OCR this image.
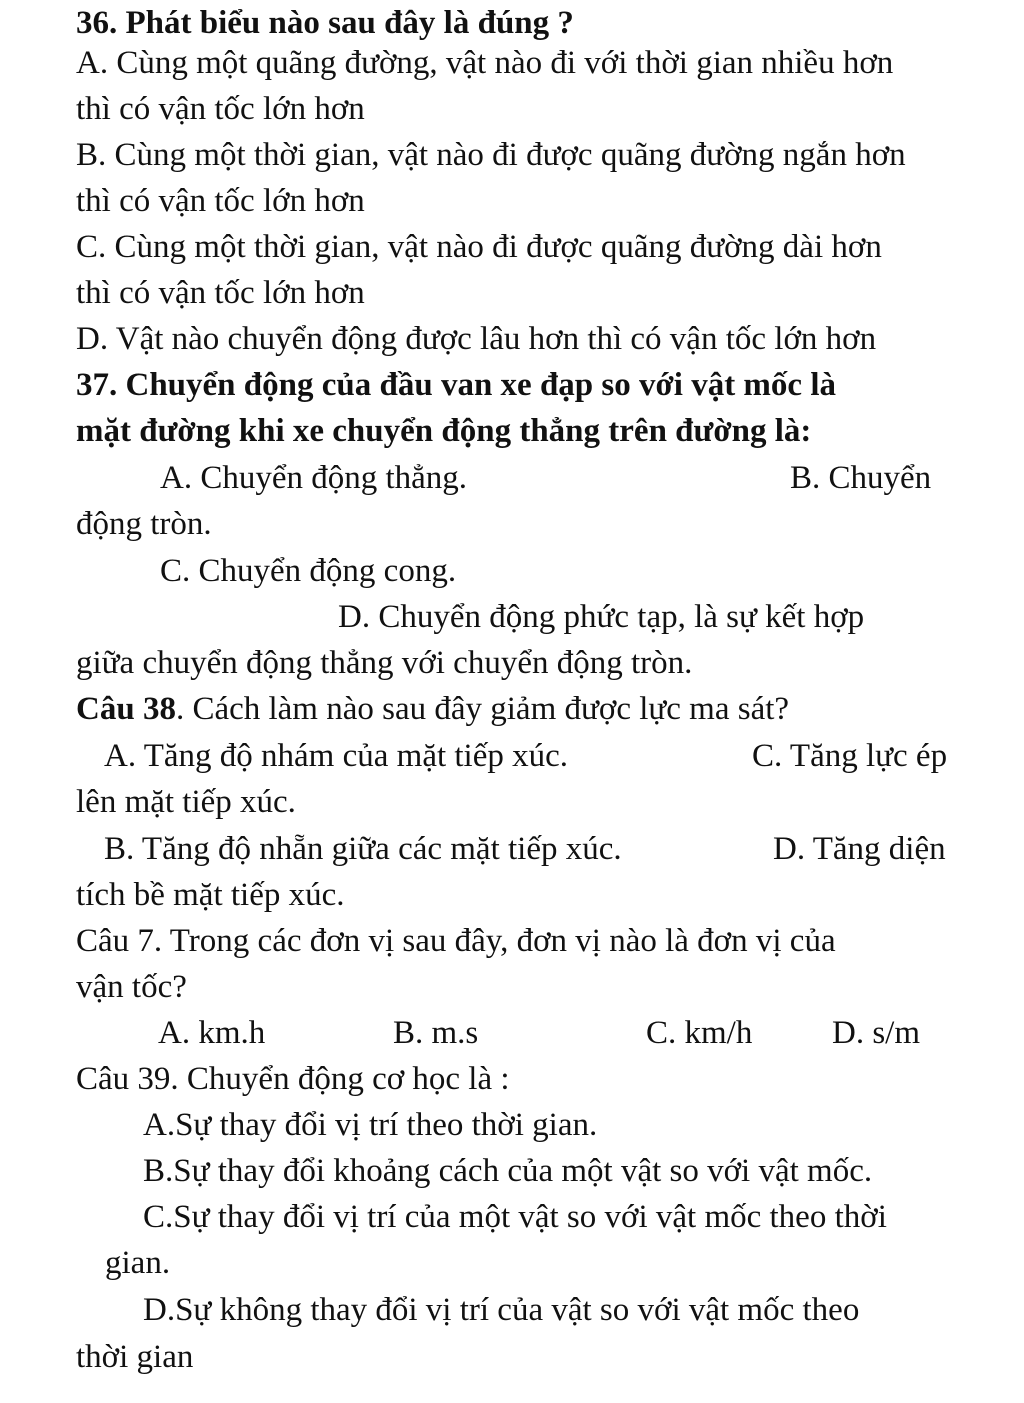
36. Phát biểu nào sau đây là đúng ?
A. Cùng một quãng đường, vật nào đi với thời gian nhiều hơn
thì có vận tốc lớn hơn
B. Cùng một thời gian, vật nào đi được quãng đường ngắn hơn
thì có vận tốc lớn hơn
C. Cùng một thời gian, vật nào đi được quãng đường dài hơn
thì có vận tốc lớn hơn
D. Vật nào chuyển động được lâu hơn thì có vận tốc lớn hơn
37. Chuyển động của đầu van xe đạp so với vật mốc là
mặt đường khi xe chuyển động thẳng trên đường là:
A. Chuyển động thẳng.	B. Chuyển
động tròn.
C. Chuyển động cong.
D. Chuyển động phức tạp, là sự kết hợp
giữa chuyển động thẳng với chuyển động tròn.
Câu 38. Cách làm nào sau đây giảm được lực ma sát?
A. Tăng độ nhám của mặt tiếp xúc.	C. Tăng lực ép
lên mặt tiếp xúc.
B. Tăng độ nhẵn giữa các mặt tiếp xúc.	D. Tăng diện
tích bề mặt tiếp xúc.
Câu 7. Trong các đơn vị sau đây, đơn vị nào là đơn vị của
vận tốc?
A. km.h	B. m.s	C. km/h D. s/m
Câu 39. Chuyển động cơ học là :
A.Sự thay đổi vị trí theo thời gian.
B.Sự thay đổi khoảng cách của một vật so với vật mốc.
C.Sự thay đổi vị trí của một vật so với vật mốc theo thời
gian.
D.Sự không thay đổi vị trí của vật so với vật mốc theo
thời gian
